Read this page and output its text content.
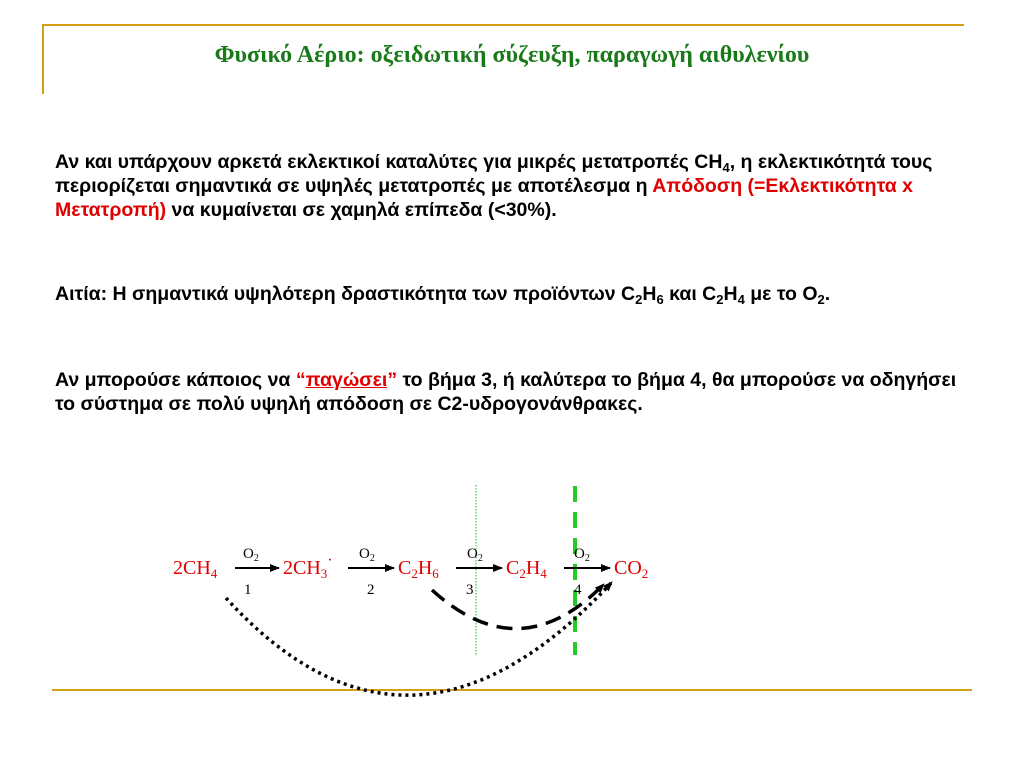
Φυσικό Αέριο: οξειδωτική σύζευξη, παραγωγή αιθυλενίου
Αν και υπάρχουν αρκετά εκλεκτικοί καταλύτες για μικρές μετατροπές $CH_4$, η εκλεκτικότητά τους περιορίζεται σημαντικά σε υψηλές μετατροπές με αποτέλεσμα η Απόδοση (=Εκλεκτικότητα x Μετατροπή) να κυμαίνεται σε χαμηλά επίπεδα (<30%).
Αιτία: Η σημαντικά υψηλότερη δραστικότητα των προϊόντων $C_2H_6$ και $C_2H_4$ με το $O_2$.
Αν μπορούσε κάποιος να “παγώσει” το βήμα 3, ή καλύτερα το βήμα 4, θα μπορούσε να οδηγήσει το σύστημα σε πολύ υψηλή απόδοση σε C2-υδρογονάνθρακες.
$2CH_4$	$2CH_3^\cdot$	$C_2H_6$	$C_2H_4$	$CO_2$
$O_2$	$O_2$	$O_2$	$O_2$
1	2	3	4
